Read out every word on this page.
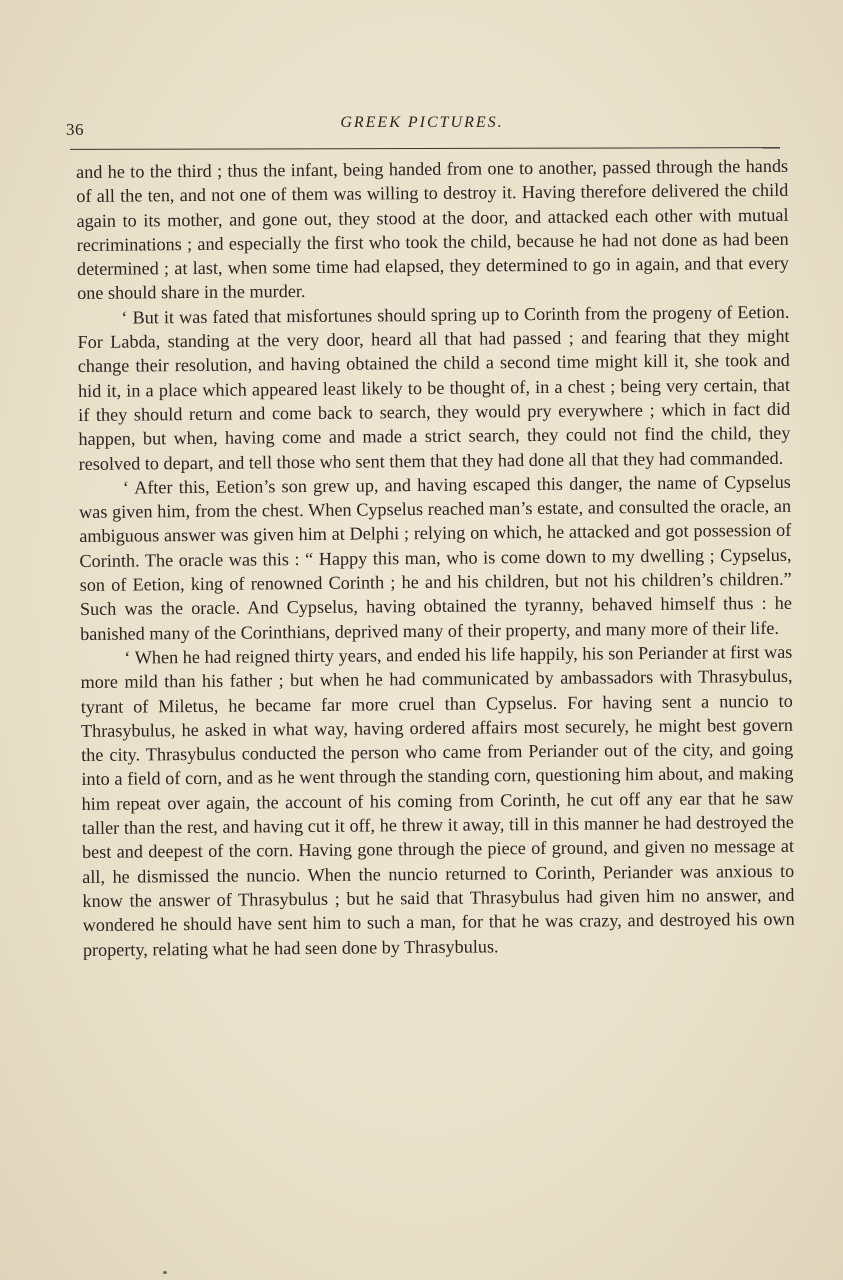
36	GREEK PICTURES.

and he to the third ; thus the infant, being handed from one to another, passed through the hands of all the ten, and not one of them was willing to destroy it. Having therefore delivered the child again to its mother, and gone out, they stood at the door, and attacked each other with mutual recriminations ; and especially the first who took the child, because he had not done as had been determined ; at last, when some time had elapsed, they determined to go in again, and that every one should share in the murder.

‘ But it was fated that misfortunes should spring up to Corinth from the progeny of Eetion. For Labda, standing at the very door, heard all that had passed ; and fearing that they might change their resolution, and having obtained the child a second time might kill it, she took and hid it, in a place which appeared least likely to be thought of, in a chest ; being very certain, that if they should return and come back to search, they would pry everywhere ; which in fact did happen, but when, having come and made a strict search, they could not find the child, they resolved to depart, and tell those who sent them that they had done all that they had commanded.

‘ After this, Eetion’s son grew up, and having escaped this danger, the name of Cypselus was given him, from the chest. When Cypselus reached man’s estate, and consulted the oracle, an ambiguous answer was given him at Delphi ; relying on which, he attacked and got possession of Corinth. The oracle was this : “ Happy this man, who is come down to my dwelling ; Cypselus, son of Eetion, king of renowned Corinth ; he and his children, but not his children’s children.” Such was the oracle. And Cypselus, having obtained the tyranny, behaved himself thus : he banished many of the Corinthians, deprived many of their property, and many more of their life.

‘ When he had reigned thirty years, and ended his life happily, his son Periander at first was more mild than his father ; but when he had communicated by ambassadors with Thrasybulus, tyrant of Miletus, he became far more cruel than Cypselus. For having sent a nuncio to Thrasybulus, he asked in what way, having ordered affairs most securely, he might best govern the city. Thrasybulus conducted the person who came from Periander out of the city, and going into a field of corn, and as he went through the standing corn, questioning him about, and making him repeat over again, the account of his coming from Corinth, he cut off any ear that he saw taller than the rest, and having cut it off, he threw it away, till in this manner he had destroyed the best and deepest of the corn. Having gone through the piece of ground, and given no message at all, he dismissed the nuncio. When the nuncio returned to Corinth, Periander was anxious to know the answer of Thrasybulus ; but he said that Thrasybulus had given him no answer, and wondered he should have sent him to such a man, for that he was crazy, and destroyed his own property, relating what he had seen done by Thrasybulus.
